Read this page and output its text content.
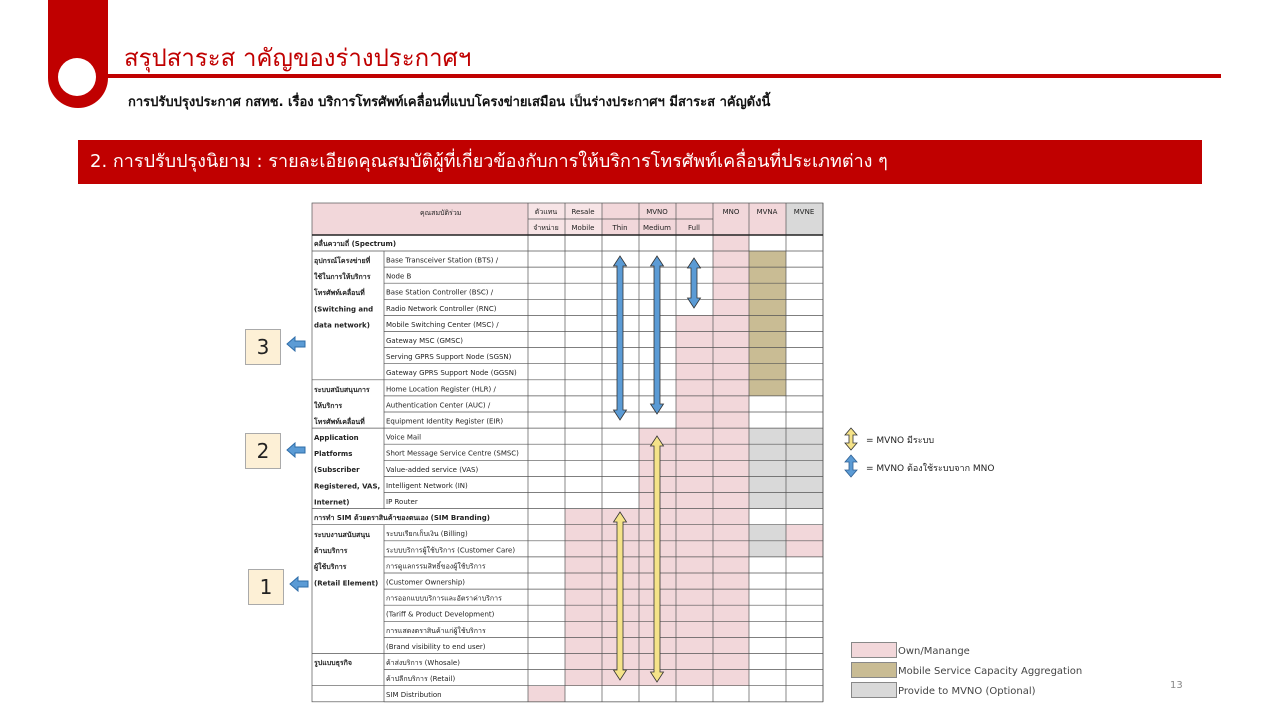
สรุปสาระส าคัญของร่างประกาศฯ
การปรับปรุงประกาศ กสทช. เรื่อง บริการโทรศัพท์เคลื่อนที่แบบโครงข่ายเสมือน เป็นร่างประกาศฯ มีสาระส าคัญดังนี้
2. การปรับปรุงนิยาม : รายละเอียดคุณสมบัติผู้ที่เกี่ยวข้องกับการให้บริการโทรศัพท์เคลื่อนที่ประเภทต่าง ๆ
3
2
1
คุณสมบัติร่วม	ตัวแทน
จำหน่าย
Resale
Mobile
MVNO
Thin Medium Full
MNO MVNA MVNE
คลื่นความถี่ (Spectrum)
อุปกรณ์โครงข่ายที่
ใช้ในการให้บริการ
โทรศัพท์เคลื่อนที่
(Switching and
data network)
ระบบสนับสนุนการ
ให้บริการ
โทรศัพท์เคลื่อนที่
Application
Platforms
(Subscriber
Registered, VAS,
Internet)
การทำ SIM ด้วยตราสินค้าของตนเอง (SIM Branding)
ระบบงานสนับสนุน
ด้านบริการ
ผู้ใช้บริการ
(Retail Element)
รูปแบบธุรกิจ
Base Transceiver Station (BTS) /
Node B
Base Station Controller (BSC) /
Radio Network Controller (RNC)
Mobile Switching Center (MSC) /
Gateway MSC (GMSC)
Serving GPRS Support Node (SGSN)
Gateway GPRS Support Node (GGSN)
Home Location Register (HLR) /
Authentication Center (AUC) /
Equipment Identity Register (EIR)
Voice Mail
Short Message Service Centre (SMSC)
Value-added service (VAS)
Intelligent Network (IN)
IP Router
ระบบเรียกเก็บเงิน (Billing)
ระบบบริการผู้ใช้บริการ (Customer Care)
การดูแลกรรมสิทธิ์ของผู้ใช้บริการ
(Customer Ownership)
การออกแบบบริการและอัตราค่าบริการ
(Tariff & Product Development)
การแสดงตราสินค้าแก่ผู้ใช้บริการ
(Brand visibility to end user)
ค้าส่งบริการ (Whosale)
ค้าปลีกบริการ (Retail)
SIM Distribution
= MVNO มีระบบ
= MVNO ต้องใช้ระบบจาก MNO
Own/Manange
Mobile Service Capacity Aggregation
Provide to MVNO (Optional)
13
